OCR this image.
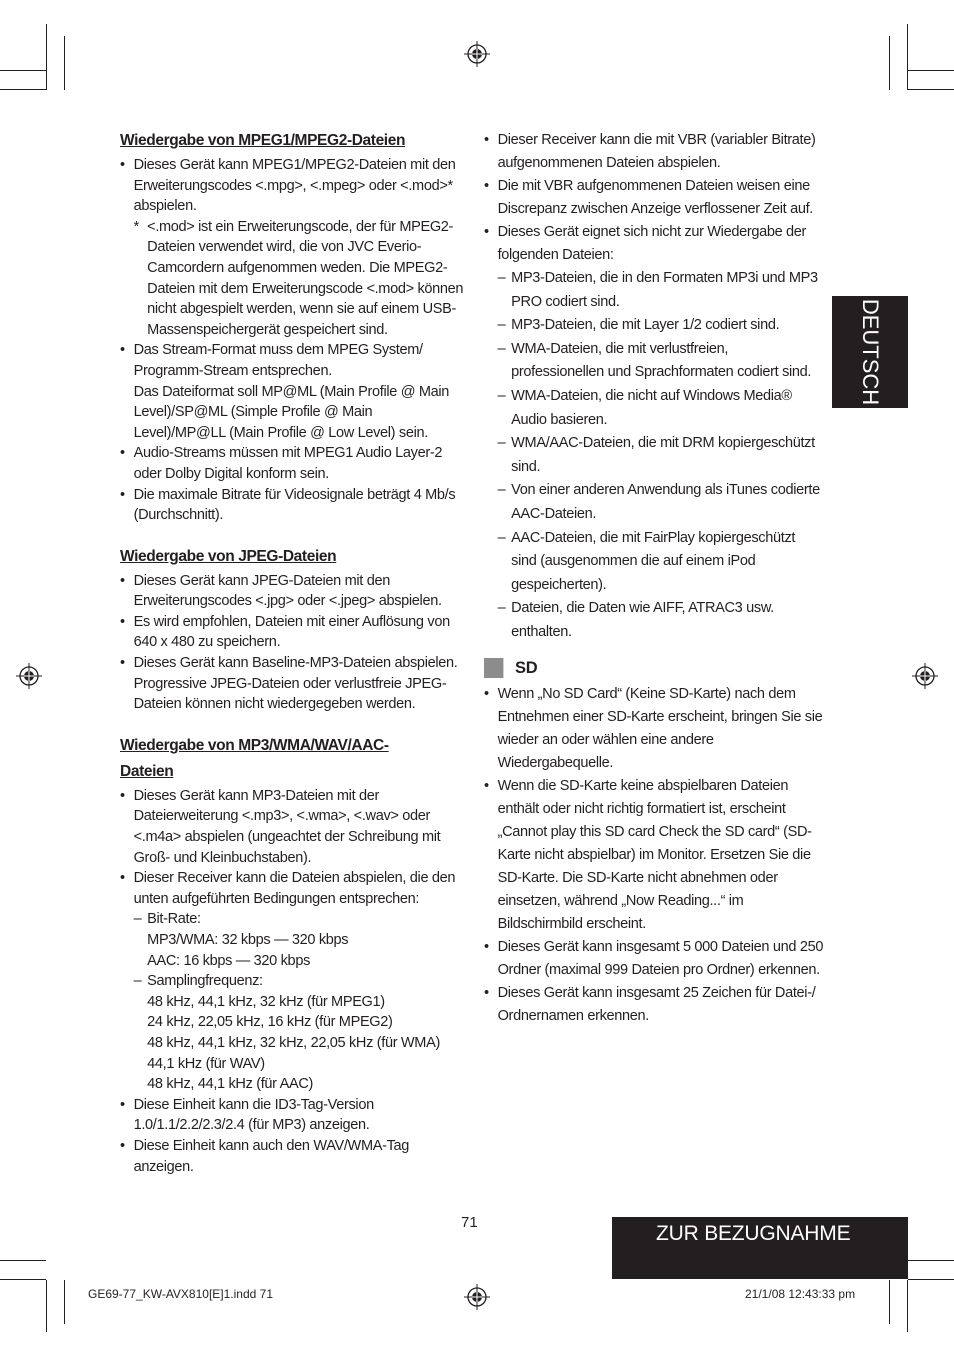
Wiedergabe von MPEG1/MPEG2-Dateien
• Dieses Gerät kann MPEG1/MPEG2-Dateien mit den Erweiterungscodes <.mpg>, <.mpeg> oder <.mod>* abspielen.
* <.mod> ist ein Erweiterungscode, der für MPEG2-Dateien verwendet wird, die von JVC Everio-Camcordern aufgenommen weden. Die MPEG2-Dateien mit dem Erweiterungscode <.mod> können nicht abgespielt werden, wenn sie auf einem USB-Massenspeichergerät gespeichert sind.
• Das Stream-Format muss dem MPEG System/ Programm-Stream entsprechen.
Das Dateiformat soll MP@ML (Main Profile @ Main Level)/SP@ML (Simple Profile @ Main Level)/MP@LL (Main Profile @ Low Level) sein.
• Audio-Streams müssen mit MPEG1 Audio Layer-2 oder Dolby Digital konform sein.
• Die maximale Bitrate für Videosignale beträgt 4 Mb/s (Durchschnitt).
Wiedergabe von JPEG-Dateien
• Dieses Gerät kann JPEG-Dateien mit den Erweiterungscodes <.jpg> oder <.jpeg> abspielen.
• Es wird empfohlen, Dateien mit einer Auflösung von 640 x 480 zu speichern.
• Dieses Gerät kann Baseline-MP3-Dateien abspielen. Progressive JPEG-Dateien oder verlustfreie JPEG-Dateien können nicht wiedergegeben werden.
Wiedergabe von MP3/WMA/WAV/AAC-
Dateien
• Dieses Gerät kann MP3-Dateien mit der Dateierweiterung <.mp3>, <.wma>, <.wav> oder <.m4a> abspielen (ungeachtet der Schreibung mit Groß- und Kleinbuchstaben).
• Dieser Receiver kann die Dateien abspielen, die den unten aufgeführten Bedingungen entsprechen:
– Bit-Rate:
MP3/WMA: 32 kbps — 320 kbps
AAC: 16 kbps — 320 kbps
– Samplingfrequenz:
48 kHz, 44,1 kHz, 32 kHz (für MPEG1)
24 kHz, 22,05 kHz, 16 kHz (für MPEG2)
48 kHz, 44,1 kHz, 32 kHz, 22,05 kHz (für WMA)
44,1 kHz (für WAV)
48 kHz, 44,1 kHz (für AAC)
• Diese Einheit kann die ID3-Tag-Version 1.0/1.1/2.2/2.3/2.4 (für MP3) anzeigen.
• Diese Einheit kann auch den WAV/WMA-Tag anzeigen.
• Dieser Receiver kann die mit VBR (variabler Bitrate) aufgenommenen Dateien abspielen.
• Die mit VBR aufgenommenen Dateien weisen eine Discrepanz zwischen Anzeige verflossener Zeit auf.
• Dieses Gerät eignet sich nicht zur Wiedergabe der folgenden Dateien:
– MP3-Dateien, die in den Formaten MP3i und MP3 PRO codiert sind.
– MP3-Dateien, die mit Layer 1/2 codiert sind.
– WMA-Dateien, die mit verlustfreien, professionellen und Sprachformaten codiert sind.
– WMA-Dateien, die nicht auf Windows Media® Audio basieren.
– WMA/AAC-Dateien, die mit DRM kopiergeschützt sind.
– Von einer anderen Anwendung als iTunes codierte AAC-Dateien.
– AAC-Dateien, die mit FairPlay kopiergeschützt sind (ausgenommen die auf einem iPod gespeicherten).
– Dateien, die Daten wie AIFF, ATRAC3 usw. enthalten.
SD
• Wenn „No SD Card“ (Keine SD-Karte) nach dem Entnehmen einer SD-Karte erscheint, bringen Sie sie wieder an oder wählen eine andere Wiedergabequelle.
• Wenn die SD-Karte keine abspielbaren Dateien enthält oder nicht richtig formatiert ist, erscheint „Cannot play this SD card Check the SD card“ (SD-Karte nicht abspielbar) im Monitor. Ersetzen Sie die SD-Karte. Die SD-Karte nicht abnehmen oder einsetzen, während „Now Reading...“ im Bildschirmbild erscheint.
• Dieses Gerät kann insgesamt 5 000 Dateien und 250 Ordner (maximal 999 Dateien pro Ordner) erkennen.
• Dieses Gerät kann insgesamt 25 Zeichen für Datei-/ Ordnernamen erkennen.
DEUTSCH
71	ZUR BEZUGNAHME
GE69-77_KW-AVX810[E]1.indd 71	21/1/08 12:43:33 pm
